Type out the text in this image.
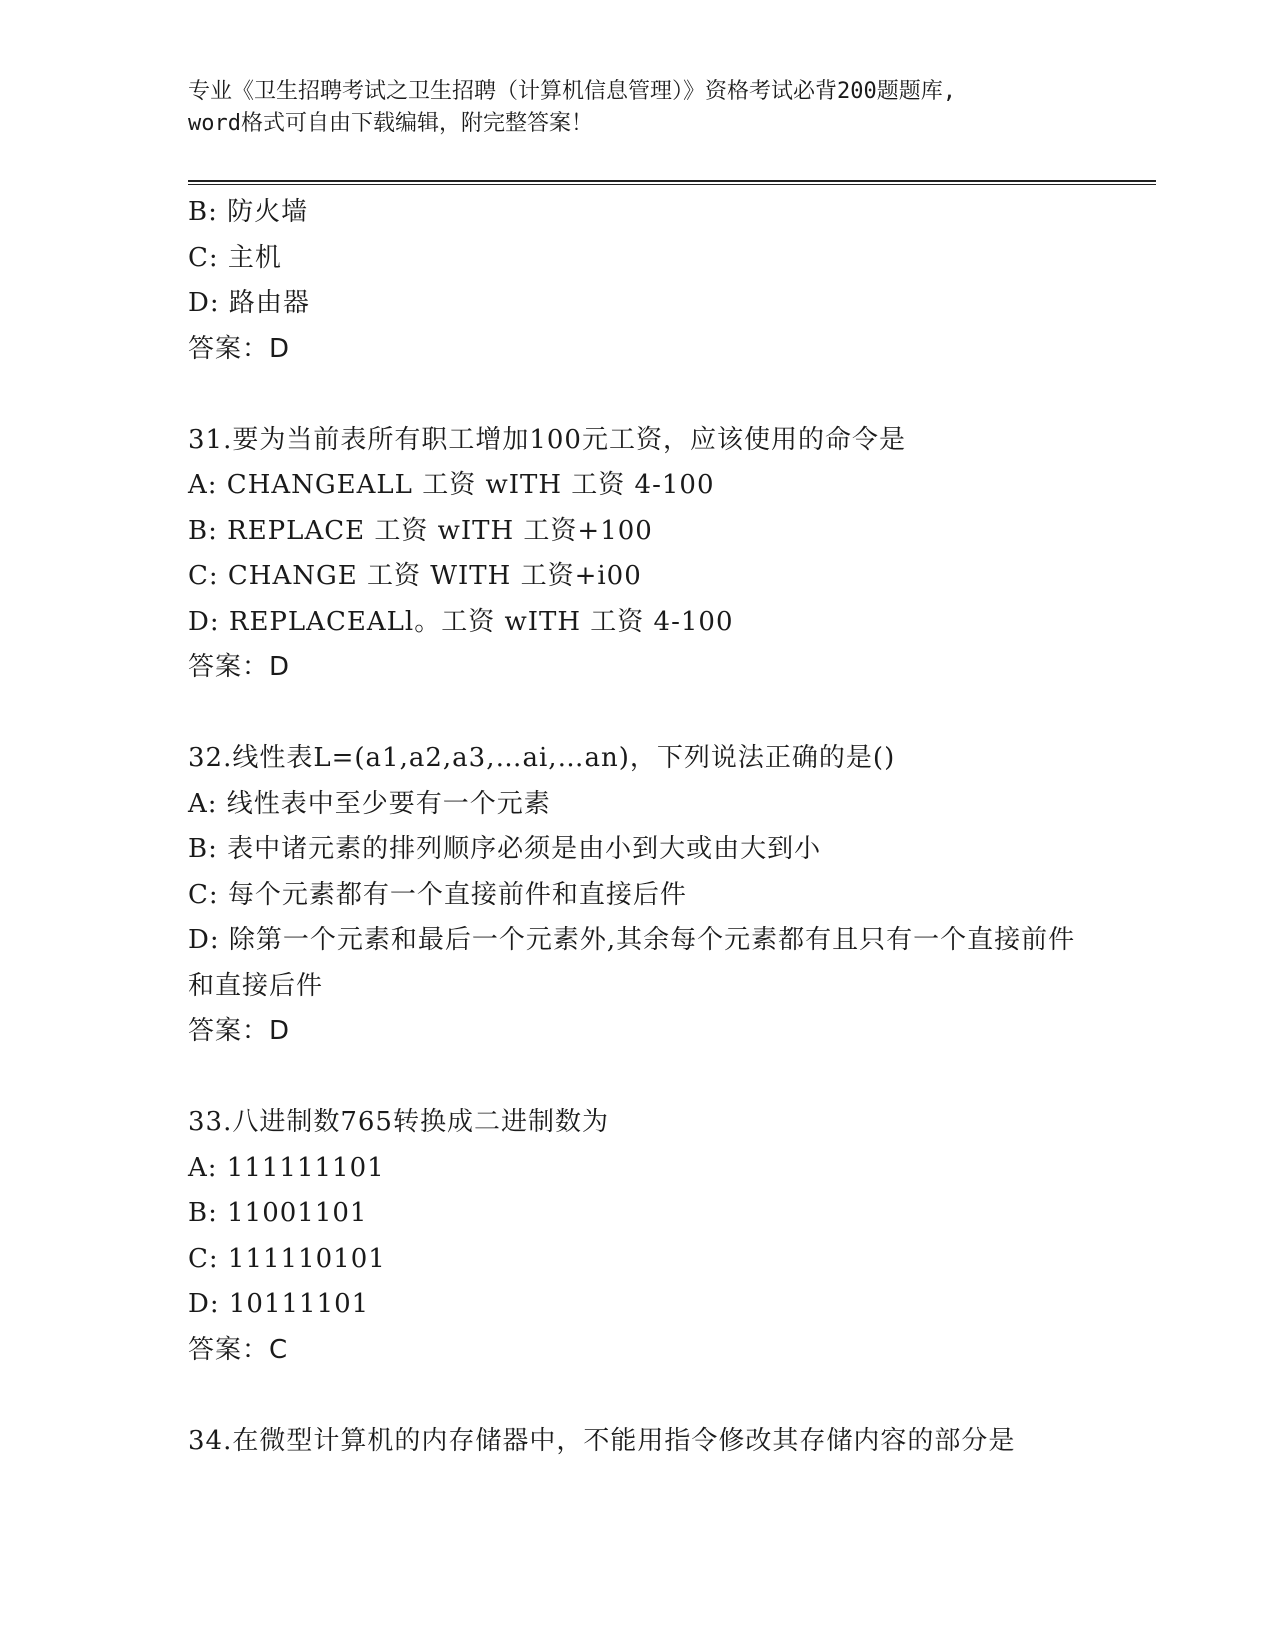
专业《卫生招聘考试之卫生招聘（计算机信息管理）》资格考试必背200题题库,
word格式可自由下载编辑，附完整答案！
B: 防火墙
C: 主机
D: 路由器
答案：D
31.要为当前表所有职工增加100元工资，应该使用的命令是
A: CHANGEALL 工资 wITH 工资 4-100
B: REPLACE 工资 wITH 工资+100
C: CHANGE 工资 WITH 工资+i00
D: REPLACEALl。工资 wITH 工资 4-100
答案：D
32.线性表L=(a1,a2,a3,…ai,…an)，下列说法正确的是()
A: 线性表中至少要有一个元素
B: 表中诸元素的排列顺序必须是由小到大或由大到小
C: 每个元素都有一个直接前件和直接后件
D: 除第一个元素和最后一个元素外,其余每个元素都有且只有一个直接前件和直接后件
答案：D
33.八进制数765转换成二进制数为
A: 111111101
B: 11001101
C: 111110101
D: 10111101
答案：C
34.在微型计算机的内存储器中，不能用指令修改其存储内容的部分是
